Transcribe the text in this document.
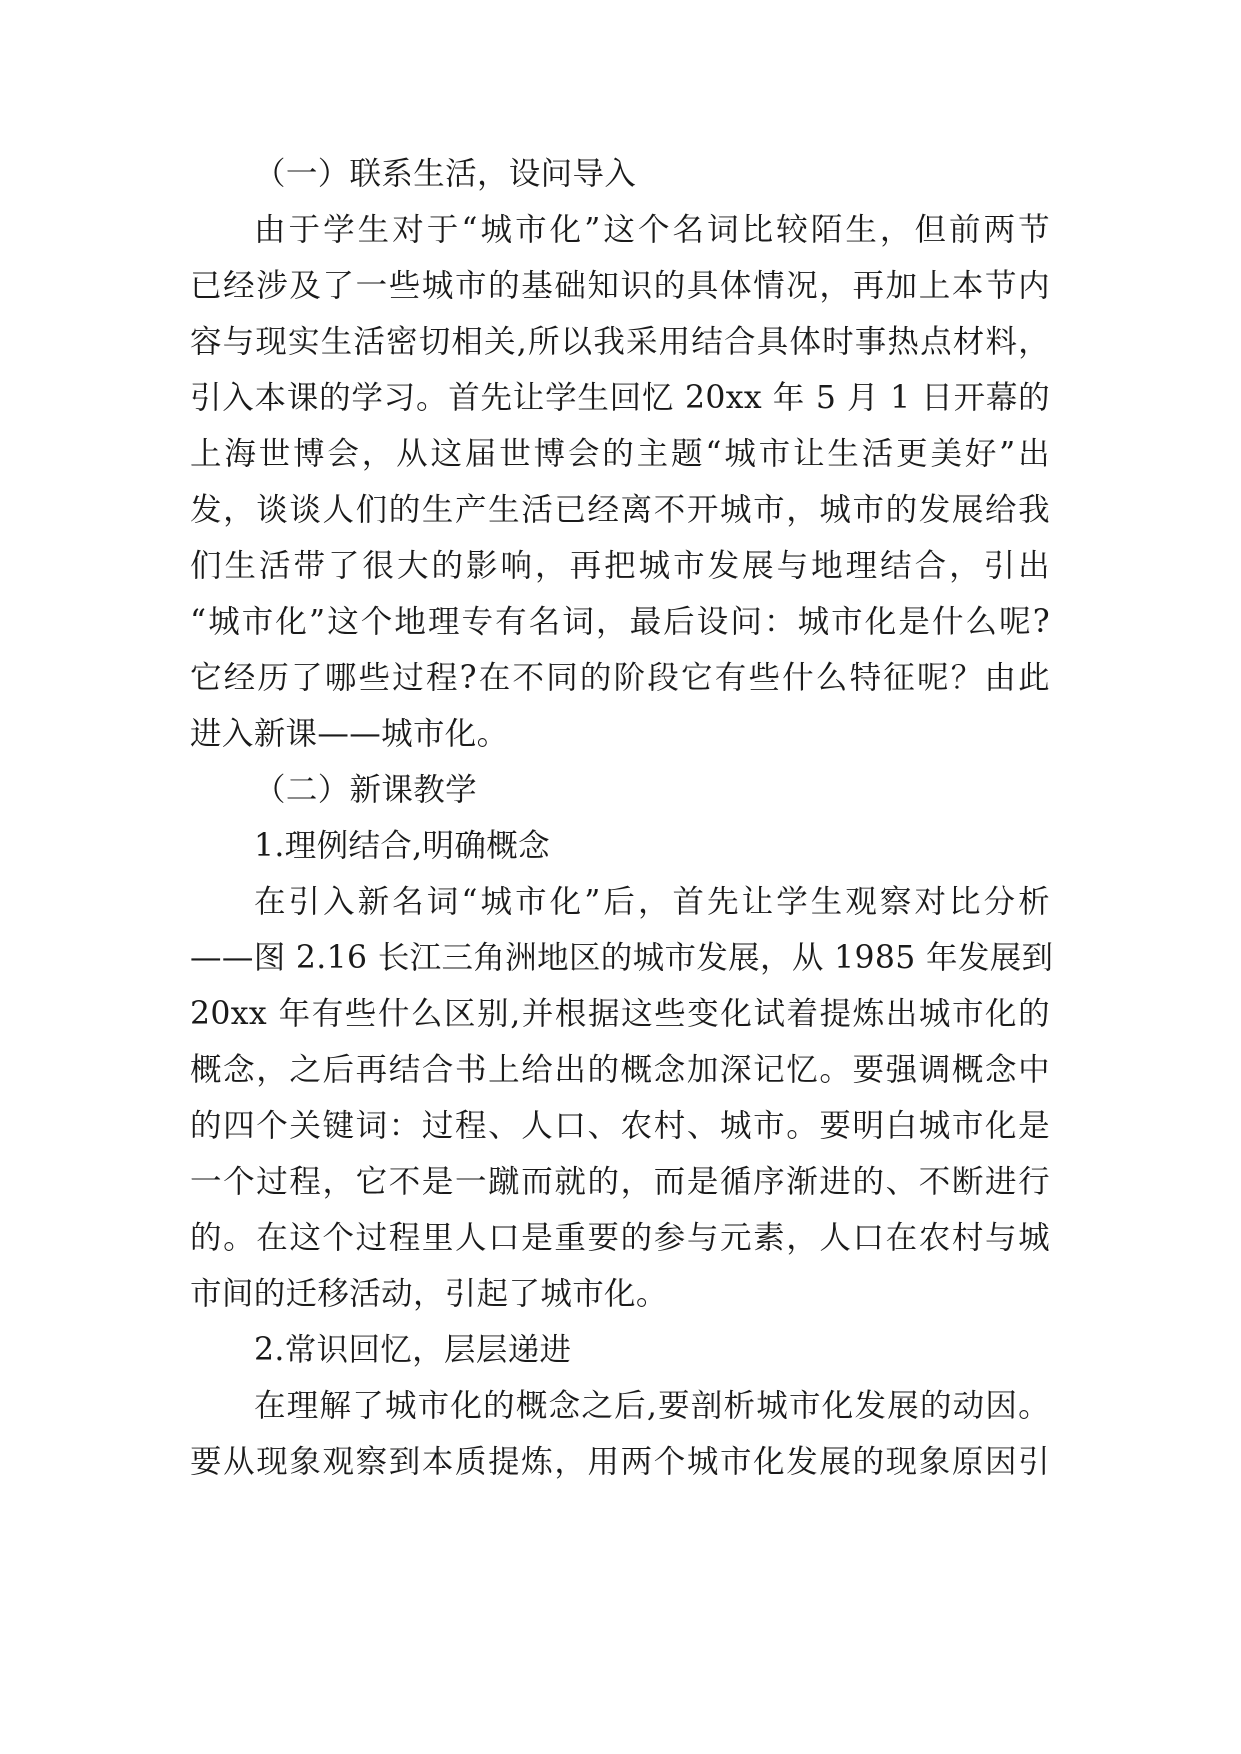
（一）联系生活，设问导入
由于学生对于“城市化”这个名词比较陌生，但前两节
已经涉及了一些城市的基础知识的具体情况，再加上本节内
容与现实生活密切相关,所以我采用结合具体时事热点材料，
引入本课的学习。首先让学生回忆 20xx 年 5 月 1 日开幕的
上海世博会，从这届世博会的主题“城市让生活更美好”出
发，谈谈人们的生产生活已经离不开城市，城市的发展给我
们生活带了很大的影响，再把城市发展与地理结合，引出
“城市化”这个地理专有名词，最后设问：城市化是什么呢?
它经历了哪些过程?在不同的阶段它有些什么特征呢？由此
进入新课——城市化。
（二）新课教学
1.理例结合,明确概念
在引入新名词“城市化”后，首先让学生观察对比分析
——图 2.16 长江三角洲地区的城市发展，从 1985 年发展到
20xx 年有些什么区别,并根据这些变化试着提炼出城市化的
概念，之后再结合书上给出的概念加深记忆。要强调概念中
的四个关键词：过程、人口、农村、城市。要明白城市化是
一个过程，它不是一蹴而就的，而是循序渐进的、不断进行
的。在这个过程里人口是重要的参与元素，人口在农村与城
市间的迁移活动，引起了城市化。
2.常识回忆，层层递进
在理解了城市化的概念之后,要剖析城市化发展的动因。
要从现象观察到本质提炼，用两个城市化发展的现象原因引
